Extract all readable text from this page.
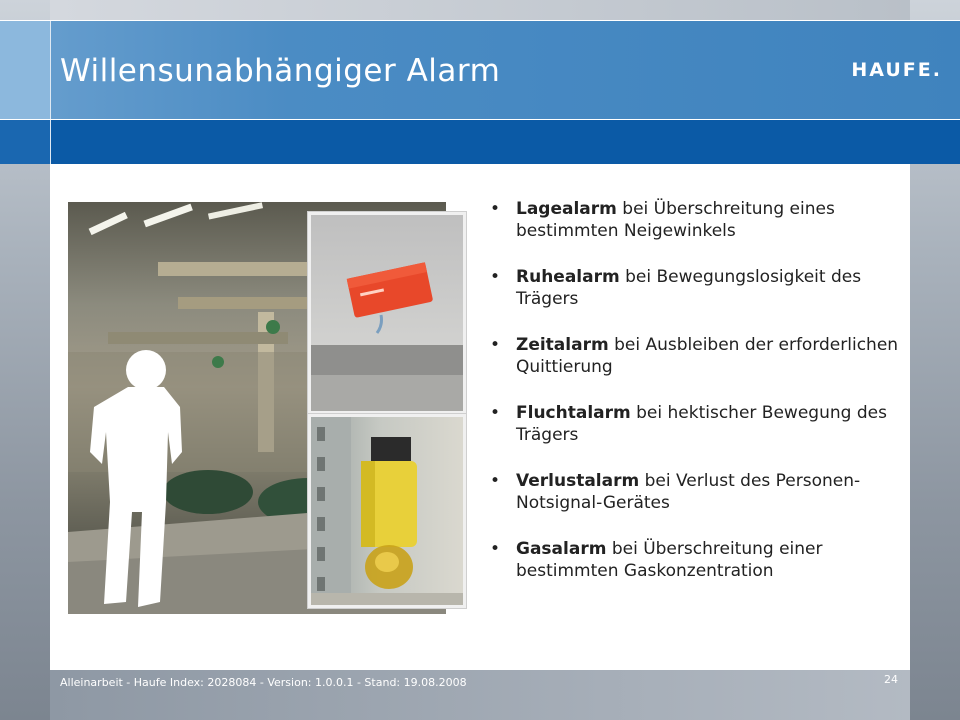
Willensunabhängiger Alarm	HAUFE.
• Lagealarm bei Überschreitung eines bestimmten Neigewinkels
• Ruhealarm bei Bewegungslosigkeit des Trägers
• Zeitalarm bei Ausbleiben der erforderlichen Quittierung
• Fluchtalarm bei hektischer Bewegung des Trägers
• Verlustalarm bei Verlust des Personen-Notsignal-Gerätes
• Gasalarm bei Überschreitung einer bestimmten Gaskonzentration
Alleinarbeit - Haufe Index: 2028084 - Version: 1.0.0.1 - Stand: 19.08.2008	24
